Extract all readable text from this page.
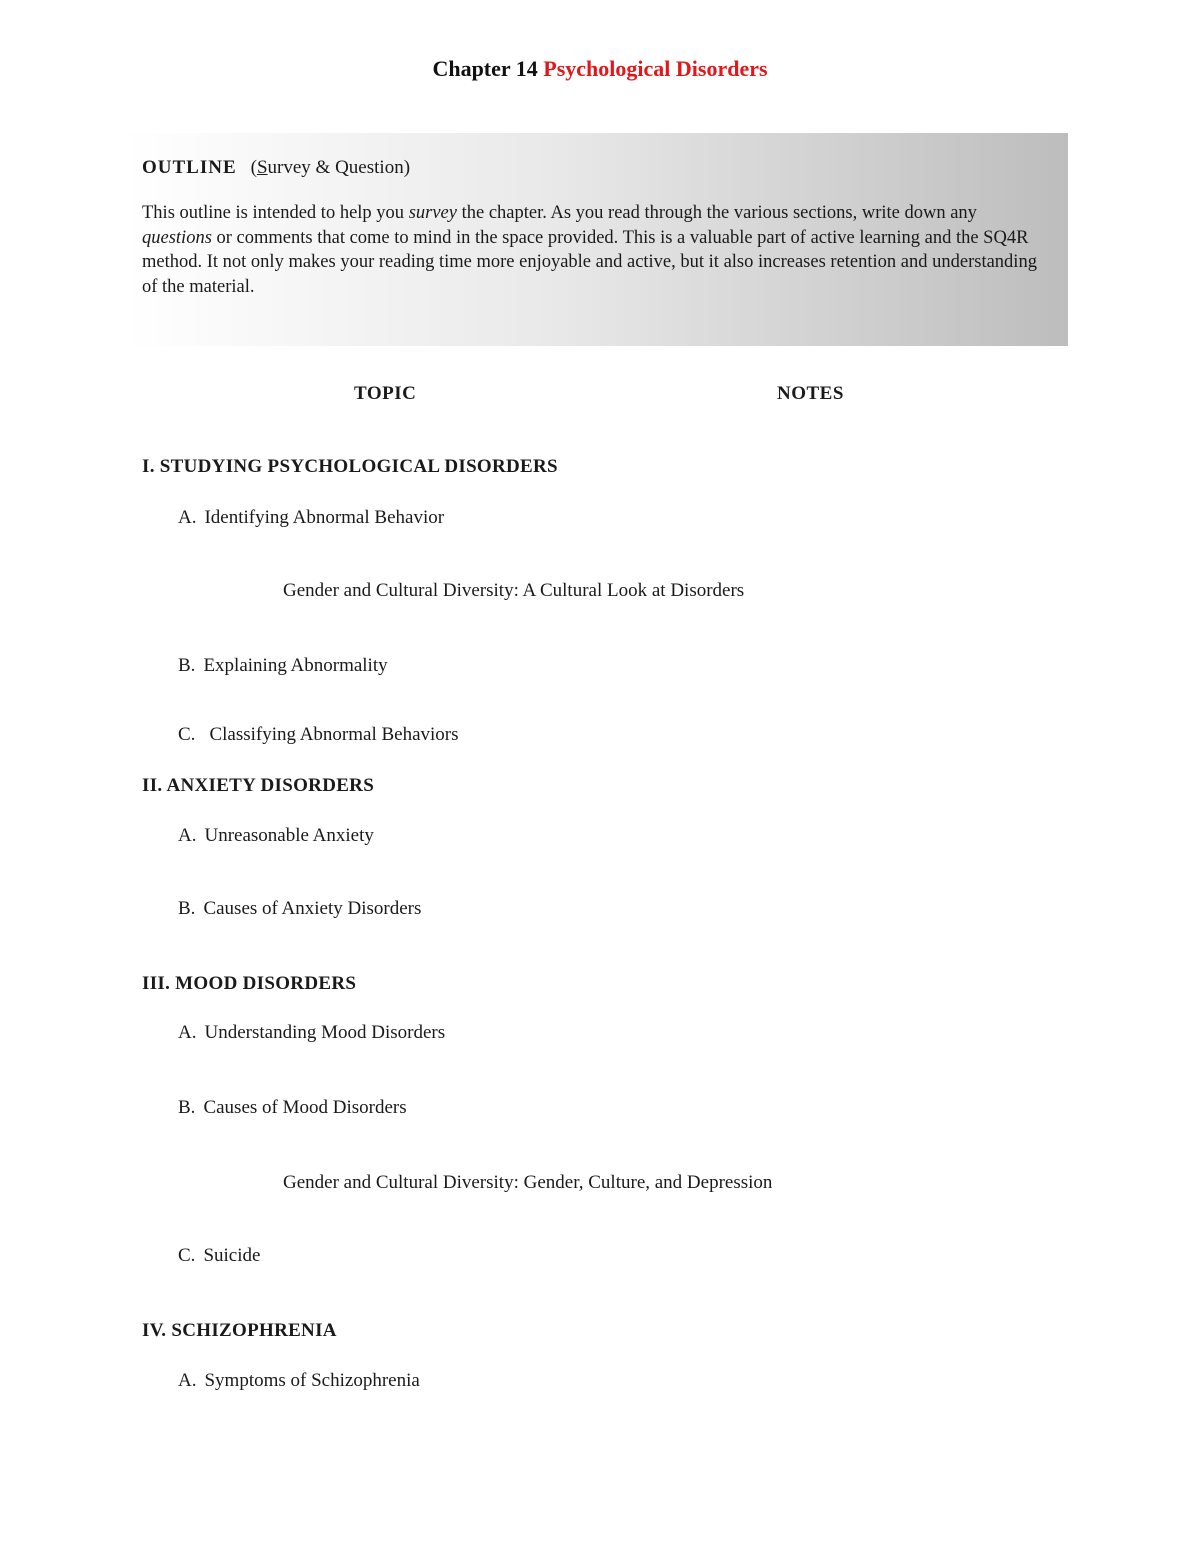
Chapter 14 Psychological Disorders

OUTLINE (Survey & Question)

This outline is intended to help you survey the chapter. As you read through the various sections, write down any questions or comments that come to mind in the space provided. This is a valuable part of active learning and the SQ4R method. It not only makes your reading time more enjoyable and active, but it also increases retention and understanding of the material.

TOPIC	NOTES
I. STUDYING PSYCHOLOGICAL DISORDERS
A. Identifying Abnormal Behavior
Gender and Cultural Diversity: A Cultural Look at Disorders
B. Explaining Abnormality
C. Classifying Abnormal Behaviors
II. ANXIETY DISORDERS
A. Unreasonable Anxiety
B. Causes of Anxiety Disorders
III. MOOD DISORDERS
A. Understanding Mood Disorders
B. Causes of Mood Disorders
Gender and Cultural Diversity: Gender, Culture, and Depression
C. Suicide
IV. SCHIZOPHRENIA
A. Symptoms of Schizophrenia
